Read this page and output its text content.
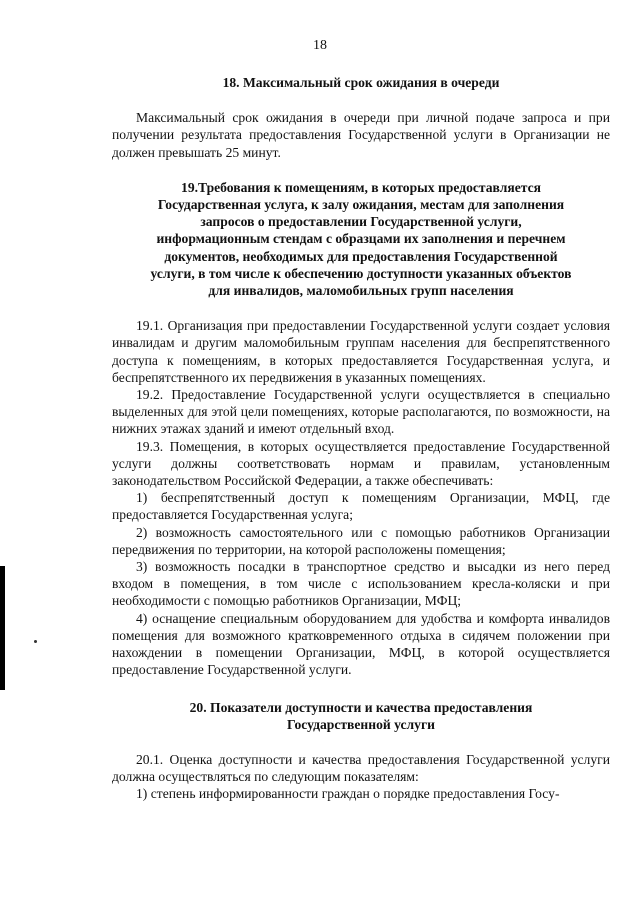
18
18. Максимальный срок ожидания в очереди

Максимальный срок ожидания в очереди при личной подаче запроса и при получении результата предоставления Государственной услуги в Организации не должен превышать 25 минут.

19.Требования к помещениям, в которых предоставляется Государственная услуга, к залу ожидания, местам для заполнения запросов о предоставлении Государственной услуги, информационным стендам с образцами их заполнения и перечнем документов, необходимых для предоставления Государственной услуги, в том числе к обеспечению доступности указанных объектов для инвалидов, маломобильных групп населения

19.1. Организация при предоставлении Государственной услуги создает условия инвалидам и другим маломобильным группам населения для беспрепятственного доступа к помещениям, в которых предоставляется Государственная услуга, и беспрепятственного их передвижения в указанных помещениях.

19.2. Предоставление Государственной услуги осуществляется в специально выделенных для этой цели помещениях, которые располагаются, по возможности, на нижних этажах зданий и имеют отдельный вход.

19.3. Помещения, в которых осуществляется предоставление Государственной услуги должны соответствовать нормам и правилам, установленным законодательством Российской Федерации, а также обеспечивать:

1) беспрепятственный доступ к помещениям Организации, МФЦ, где предоставляется Государственная услуга;

2) возможность самостоятельного или с помощью работников Организации передвижения по территории, на которой расположены помещения;

3) возможность посадки в транспортное средство и высадки из него перед входом в помещения, в том числе с использованием кресла-коляски и при необходимости с помощью работников Организации, МФЦ;

4) оснащение специальным оборудованием для удобства и комфорта инвалидов помещения для возможного кратковременного отдыха в сидячем положении при нахождении в помещении Организации, МФЦ, в которой осуществляется предоставление Государственной услуги.

20. Показатели доступности и качества предоставления
Государственной услуги

20.1. Оценка доступности и качества предоставления Государственной услуги должна осуществляться по следующим показателям:

1) степень информированности граждан о порядке предоставления Госу-
